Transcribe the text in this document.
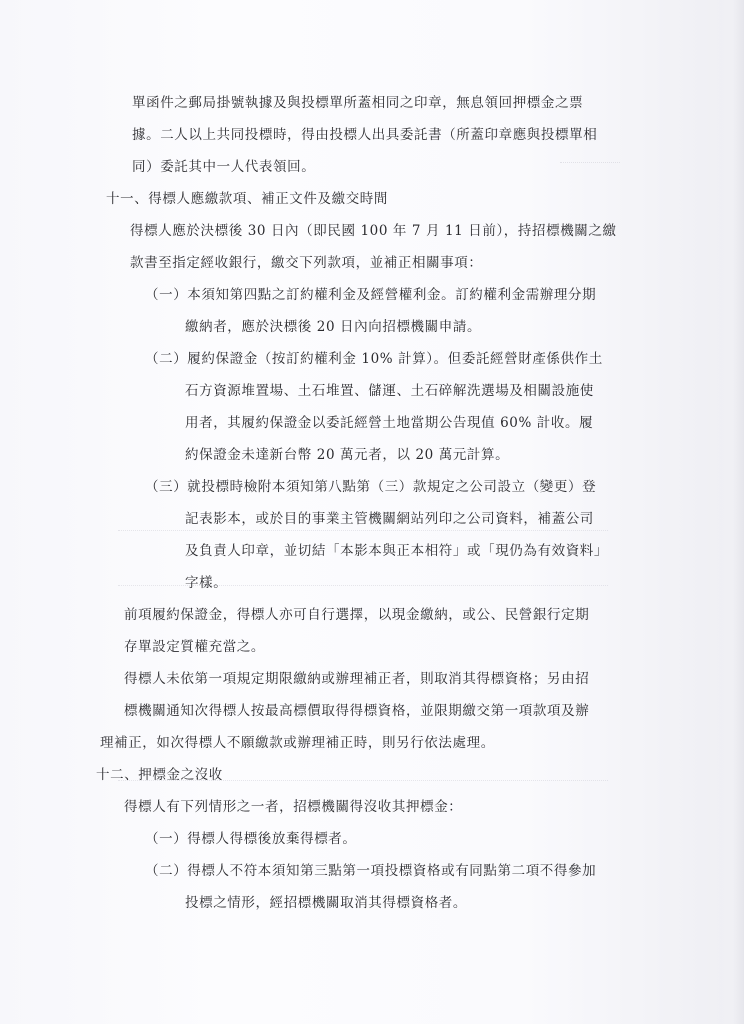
單函件之郵局掛號執據及與投標單所蓋相同之印章，無息領回押標金之票
據。二人以上共同投標時，得由投標人出具委託書（所蓋印章應與投標單相
同）委託其中一人代表領回。
十一、得標人應繳款項、補正文件及繳交時間
得標人應於決標後 30 日內（即民國 100 年 7 月 11 日前），持招標機關之繳
款書至指定經收銀行，繳交下列款項，並補正相關事項：
（一）本須知第四點之訂約權利金及經營權利金。訂約權利金需辦理分期
繳納者，應於決標後 20 日內向招標機關申請。
（二）履約保證金（按訂約權利金 10% 計算）。但委託經營財產係供作土
石方資源堆置場、土石堆置、儲運、土石碎解洗選場及相關設施使
用者，其履約保證金以委託經營土地當期公告現值 60% 計收。履
約保證金未達新台幣 20 萬元者，以 20 萬元計算。
（三）就投標時檢附本須知第八點第（三）款規定之公司設立（變更）登
記表影本，或於目的事業主管機關網站列印之公司資料，補蓋公司
及負責人印章，並切結「本影本與正本相符」或「現仍為有效資料」
字樣。
前項履約保證金，得標人亦可自行選擇，以現金繳納，或公、民營銀行定期
存單設定質權充當之。
得標人未依第一項規定期限繳納或辦理補正者，則取消其得標資格；另由招
標機關通知次得標人按最高標價取得得標資格，並限期繳交第一項款項及辦
理補正，如次得標人不願繳款或辦理補正時，則另行依法處理。
十二、押標金之沒收
得標人有下列情形之一者，招標機關得沒收其押標金：
（一）得標人得標後放棄得標者。
（二）得標人不符本須知第三點第一項投標資格或有同點第二項不得參加
投標之情形，經招標機關取消其得標資格者。
